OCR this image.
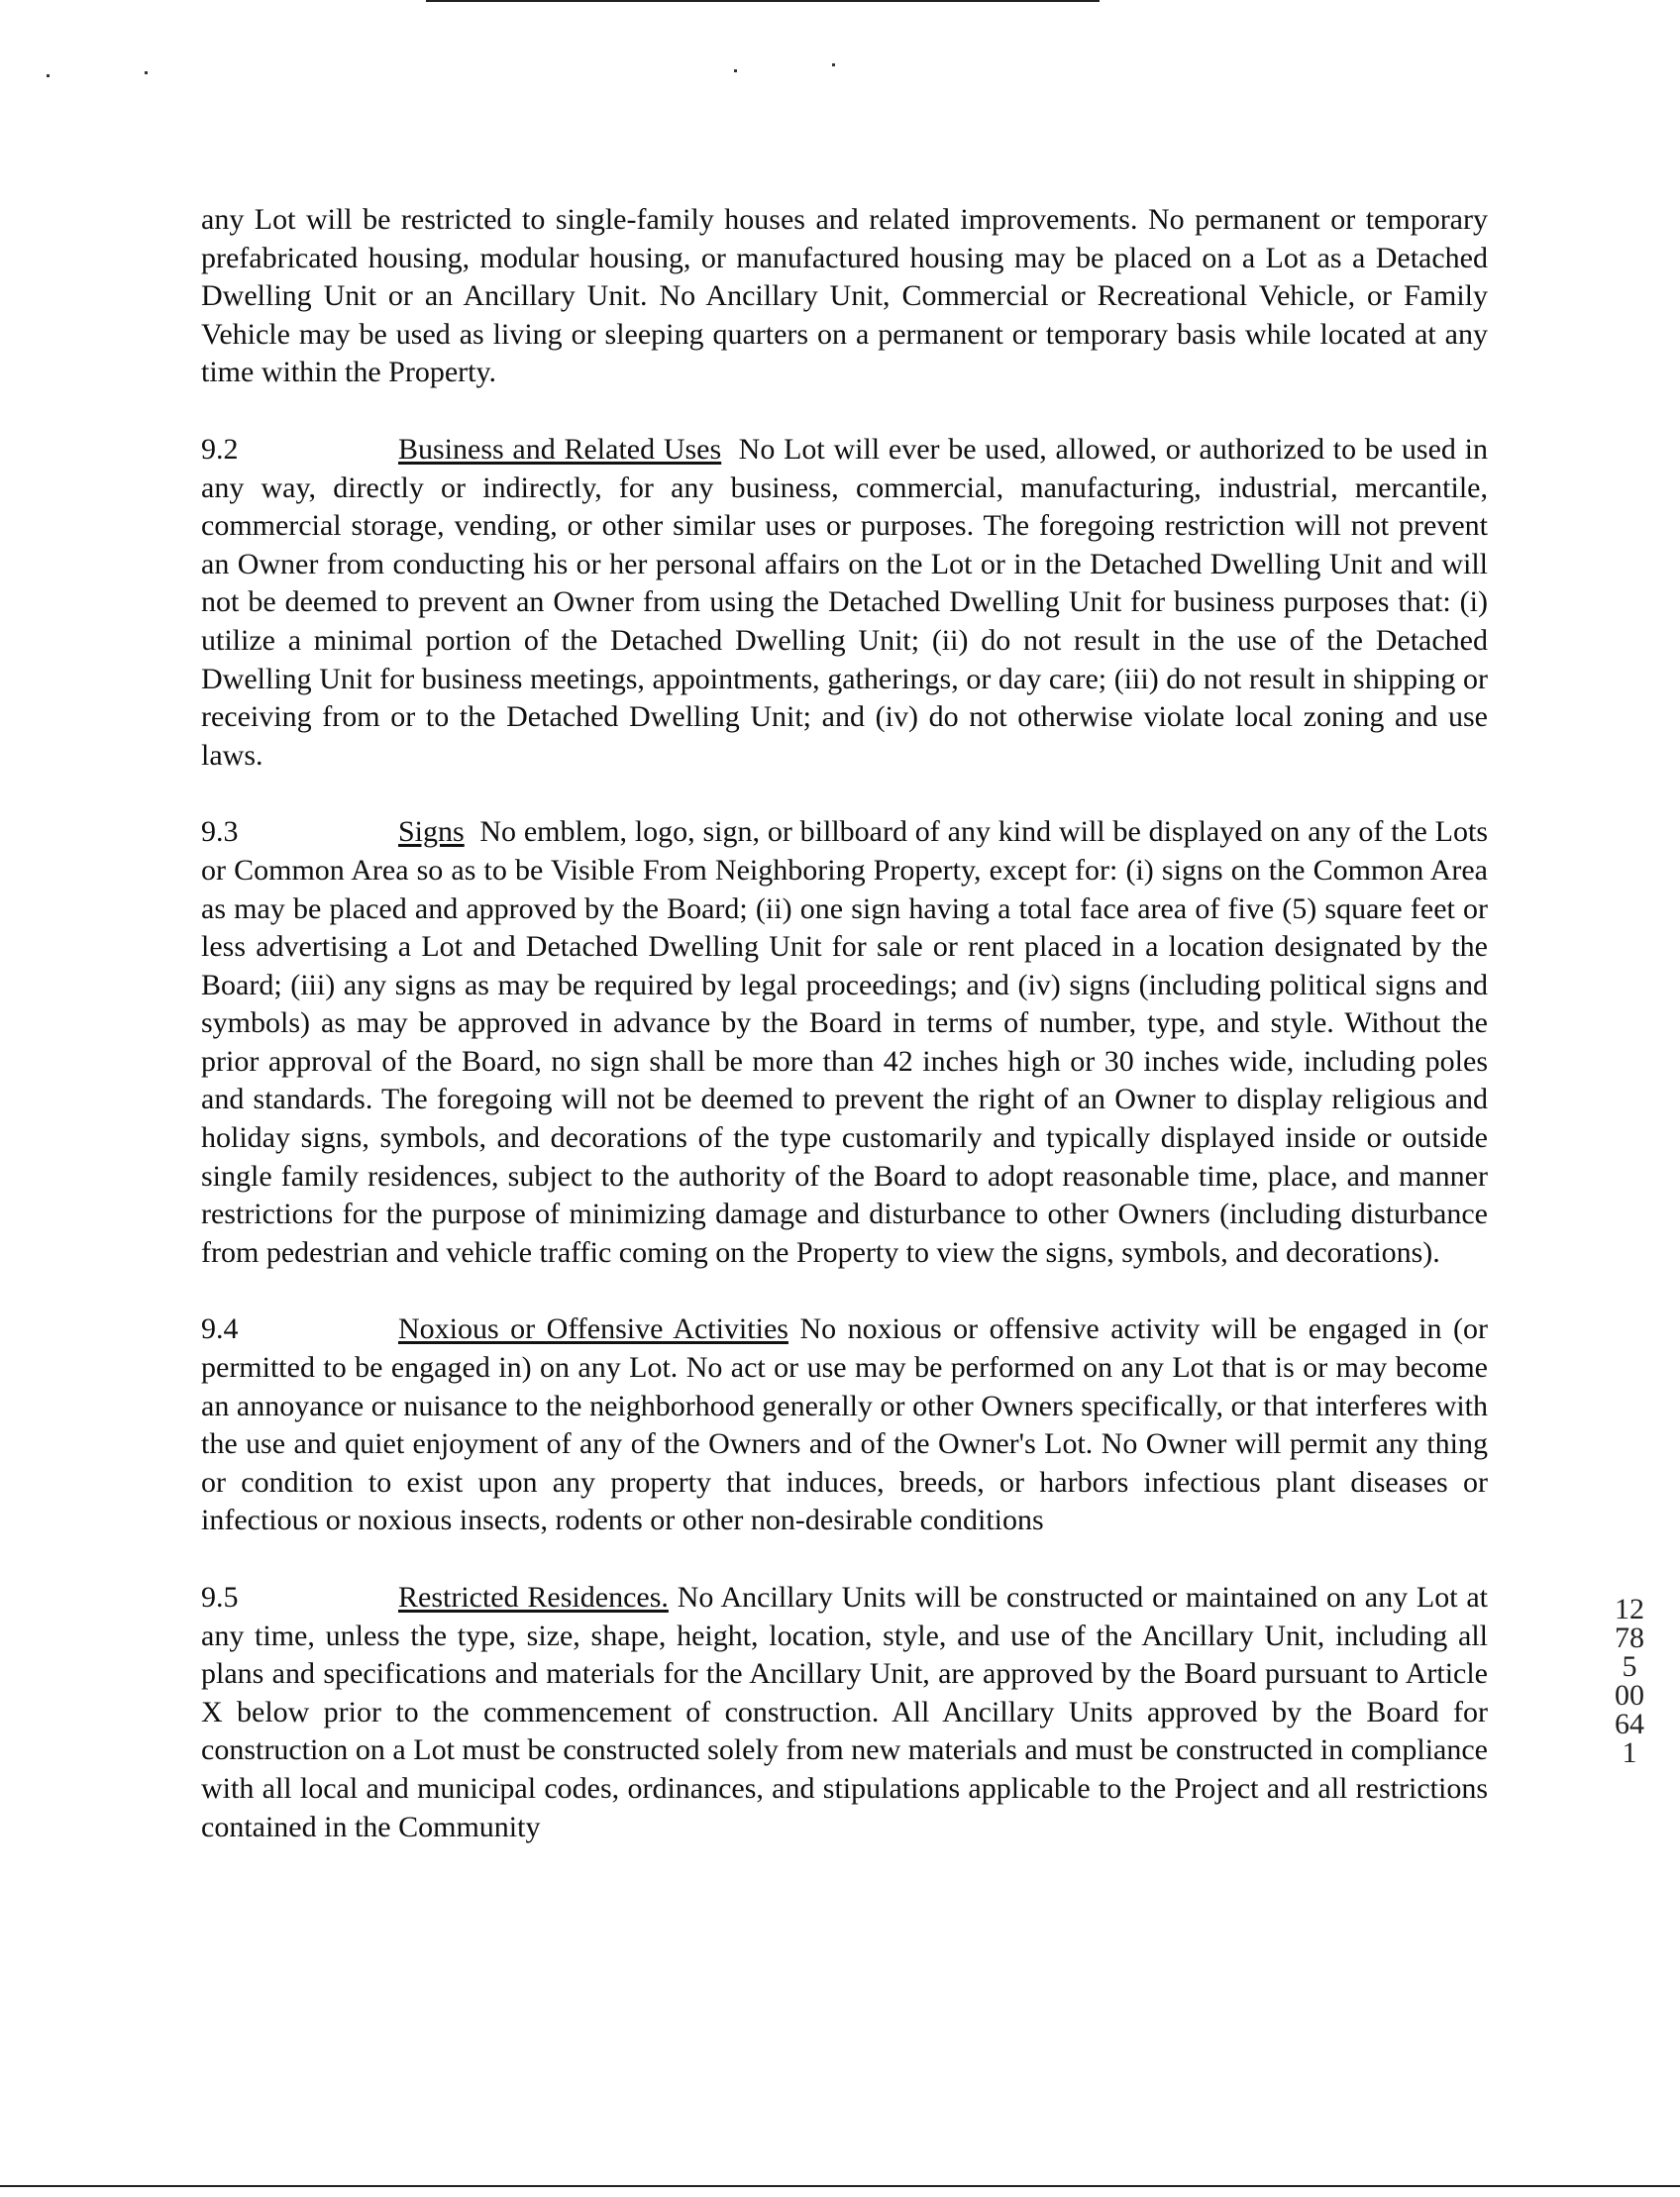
any Lot will be restricted to single-family houses and related improvements. No permanent or temporary prefabricated housing, modular housing, or manufactured housing may be placed on a Lot as a Detached Dwelling Unit or an Ancillary Unit. No Ancillary Unit, Commercial or Recreational Vehicle, or Family Vehicle may be used as living or sleeping quarters on a permanent or temporary basis while located at any time within the Property.

9.2	Business and Related Uses No Lot will ever be used, allowed, or authorized to be used in any way, directly or indirectly, for any business, commercial, manufacturing, industrial, mercantile, commercial storage, vending, or other similar uses or purposes. The foregoing restriction will not prevent an Owner from conducting his or her personal affairs on the Lot or in the Detached Dwelling Unit and will not be deemed to prevent an Owner from using the Detached Dwelling Unit for business purposes that: (i) utilize a minimal portion of the Detached Dwelling Unit; (ii) do not result in the use of the Detached Dwelling Unit for business meetings, appointments, gatherings, or day care; (iii) do not result in shipping or receiving from or to the Detached Dwelling Unit; and (iv) do not otherwise violate local zoning and use laws.

9.3	Signs No emblem, logo, sign, or billboard of any kind will be displayed on any of the Lots or Common Area so as to be Visible From Neighboring Property, except for: (i) signs on the Common Area as may be placed and approved by the Board; (ii) one sign having a total face area of five (5) square feet or less advertising a Lot and Detached Dwelling Unit for sale or rent placed in a location designated by the Board; (iii) any signs as may be required by legal proceedings; and (iv) signs (including political signs and symbols) as may be approved in advance by the Board in terms of number, type, and style. Without the prior approval of the Board, no sign shall be more than 42 inches high or 30 inches wide, including poles and standards. The foregoing will not be deemed to prevent the right of an Owner to display religious and holiday signs, symbols, and decorations of the type customarily and typically displayed inside or outside single family residences, subject to the authority of the Board to adopt reasonable time, place, and manner restrictions for the purpose of minimizing damage and disturbance to other Owners (including disturbance from pedestrian and vehicle traffic coming on the Property to view the signs, symbols, and decorations).

9.4	Noxious or Offensive Activities No noxious or offensive activity will be engaged in (or permitted to be engaged in) on any Lot. No act or use may be performed on any Lot that is or may become an annoyance or nuisance to the neighborhood generally or other Owners specifically, or that interferes with the use and quiet enjoyment of any of the Owners and of the Owner's Lot. No Owner will permit any thing or condition to exist upon any property that induces, breeds, or harbors infectious plant diseases or infectious or noxious insects, rodents or other non-desirable conditions

9.5	Restricted Residences. No Ancillary Units will be constructed or maintained on any Lot at any time, unless the type, size, shape, height, location, style, and use of the Ancillary Unit, including all plans and specifications and materials for the Ancillary Unit, are approved by the Board pursuant to Article X below prior to the commencement of construction. All Ancillary Units approved by the Board for construction on a Lot must be constructed solely from new materials and must be constructed in compliance with all local and municipal codes, ordinances, and stipulations applicable to the Project and all restrictions contained in the Community

12785 00641
